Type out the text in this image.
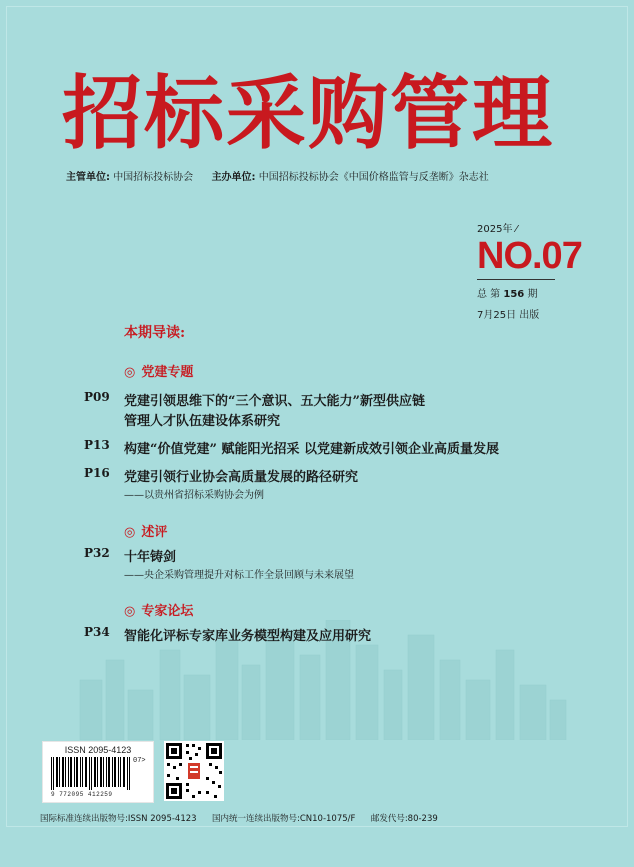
招标采购管理
主管单位: 中国招标投标协会 主办单位: 中国招标投标协会《中国价格监管与反垄断》杂志社
2025年 ⁄
NO.07
总 第 156 期
7月25日 出版
本期导读:
◎ 党建专题
P09	党建引领思维下的“三个意识、五大能力”新型供应链
管理人才队伍建设体系研究
P13	构建“价值党建” 赋能阳光招采 以党建新成效引领企业高质量发展
P16	党建引领行业协会高质量发展的路径研究
——以贵州省招标采购协会为例
◎ 述评
P32	十年铸剑
——央企采购管理提升对标工作全景回顾与未来展望
◎ 专家论坛
P34	智能化评标专家库业务模型构建及应用研究
ISSN 2095-4123
9 772095 412259
07>
国际标准连续出版物号:ISSN 2095-4123 国内统一连续出版物号:CN10-1075/F 邮发代号:80-239
